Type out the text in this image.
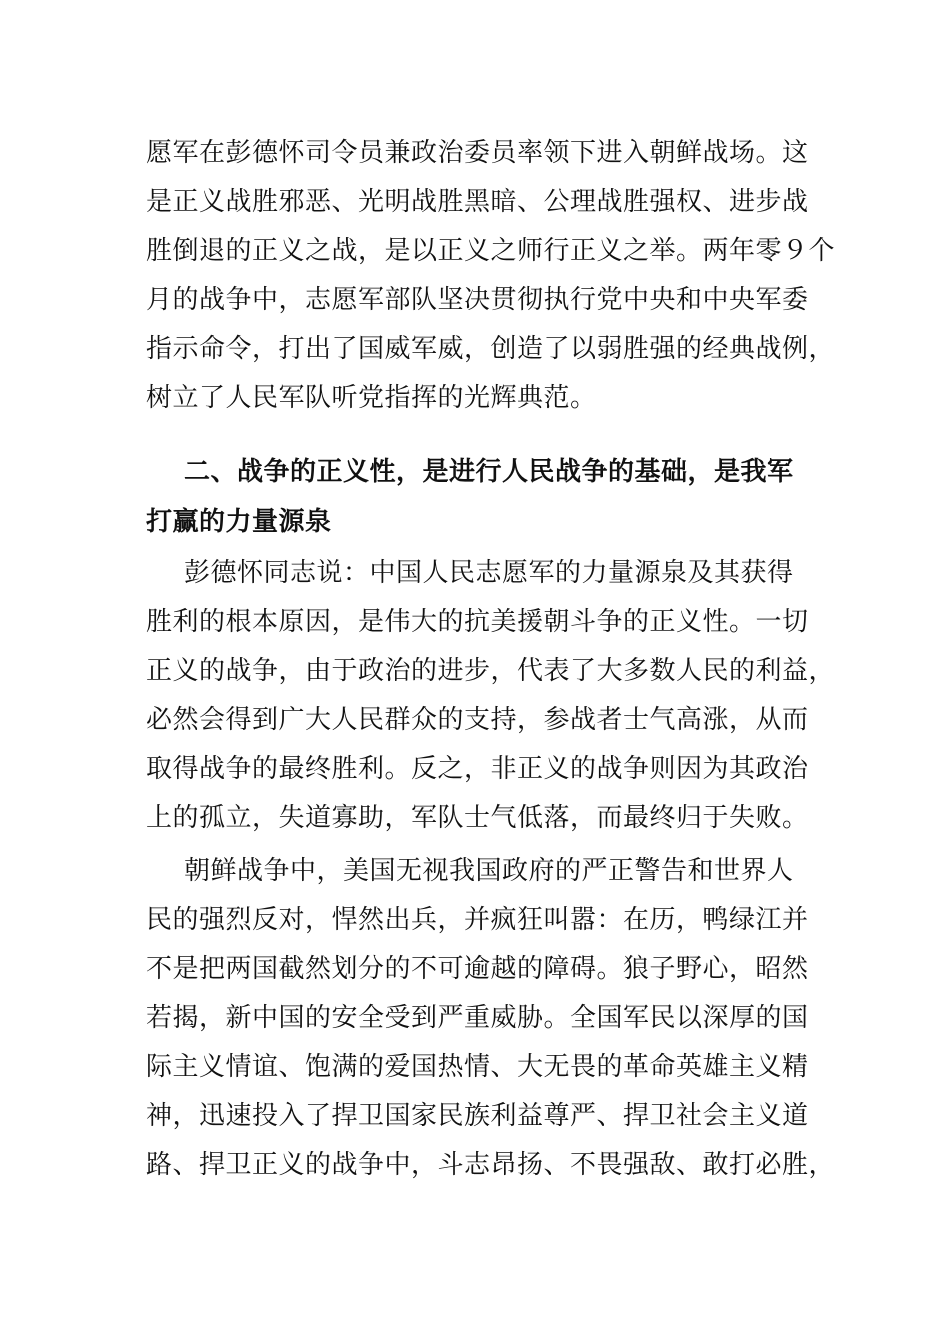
愿军在彭德怀司令员兼政治委员率领下进入朝鲜战场。这
是正义战胜邪恶、光明战胜黑暗、公理战胜强权、进步战
胜倒退的正义之战，是以正义之师行正义之举。两年零９个
月的战争中，志愿军部队坚决贯彻执行党中央和中央军委
指示命令，打出了国威军威，创造了以弱胜强的经典战例，
树立了人民军队听党指挥的光辉典范。
二、战争的正义性，是进行人民战争的基础，是我军
打赢的力量源泉
彭德怀同志说：中国人民志愿军的力量源泉及其获得
胜利的根本原因，是伟大的抗美援朝斗争的正义性。一切
正义的战争，由于政治的进步，代表了大多数人民的利益，
必然会得到广大人民群众的支持，参战者士气高涨，从而
取得战争的最终胜利。反之，非正义的战争则因为其政治
上的孤立，失道寡助，军队士气低落，而最终归于失败。
朝鲜战争中，美国无视我国政府的严正警告和世界人
民的强烈反对，悍然出兵，并疯狂叫嚣：在历，鸭绿江并
不是把两国截然划分的不可逾越的障碍。狼子野心，昭然
若揭，新中国的安全受到严重威胁。全国军民以深厚的国
际主义情谊、饱满的爱国热情、大无畏的革命英雄主义精
神，迅速投入了捍卫国家民族利益尊严、捍卫社会主义道
路、捍卫正义的战争中，斗志昂扬、不畏强敌、敢打必胜，
